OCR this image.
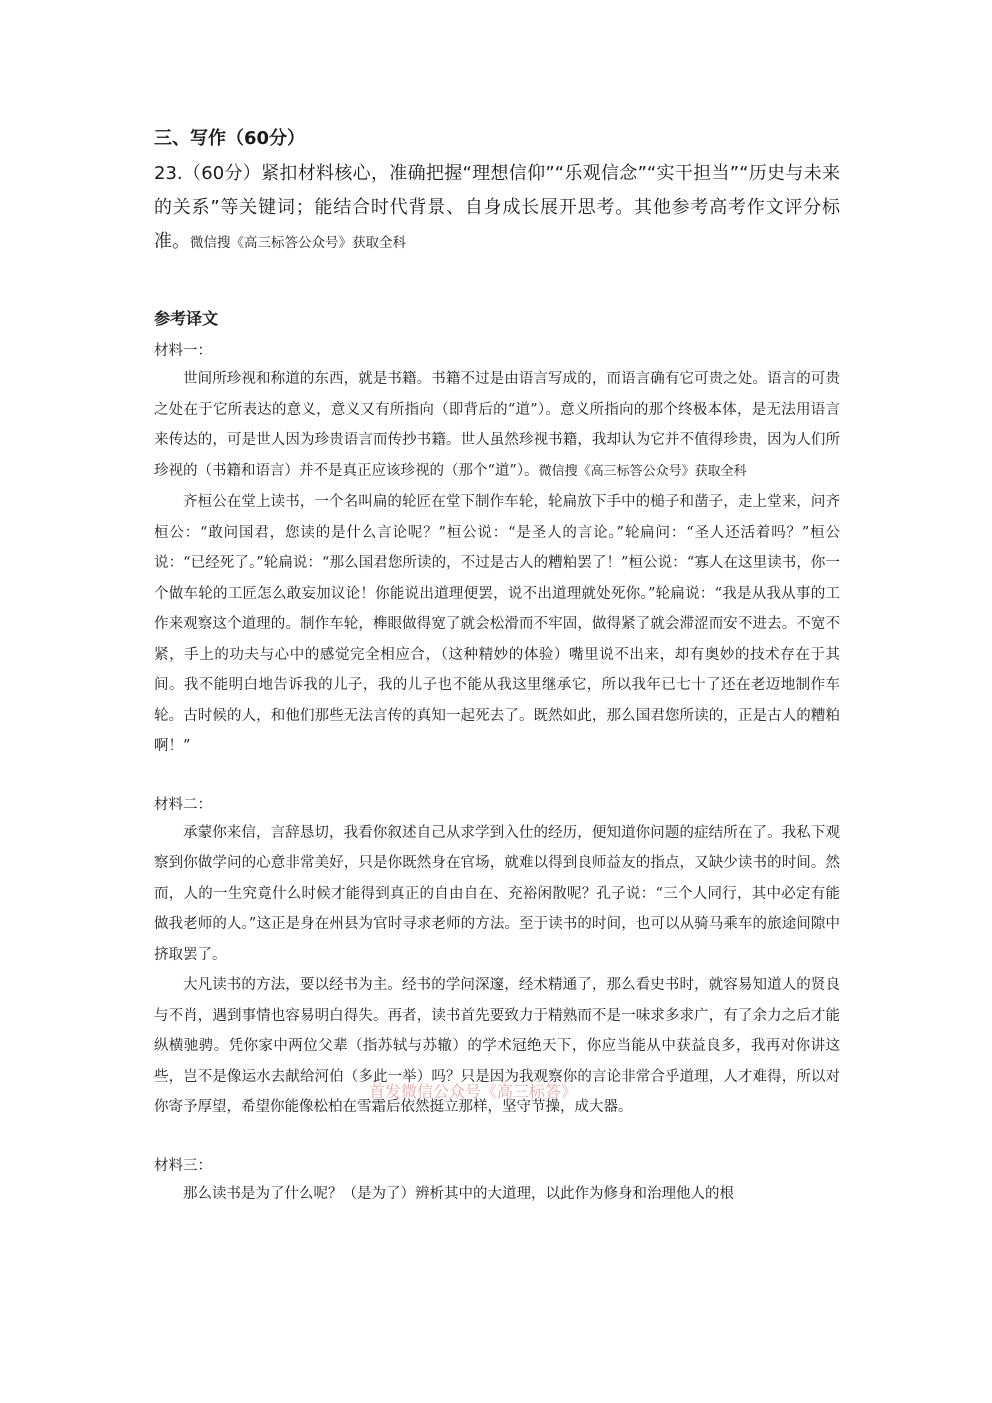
三、写作（60分）

23.（60分）紧扣材料核心，准确把握“理想信仰”“乐观信念”“实干担当”“历史与未来的关系”等关键词；能结合时代背景、自身成长展开思考。其他参考高考作文评分标准。微信搜《高三标答公众号》获取全科

参考译文

材料一：

世间所珍视和称道的东西，就是书籍。书籍不过是由语言写成的，而语言确有它可贵之处。语言的可贵之处在于它所表达的意义，意义又有所指向（即背后的“道”）。意义所指向的那个终极本体，是无法用语言来传达的，可是世人因为珍贵语言而传抄书籍。世人虽然珍视书籍，我却认为它并不值得珍贵，因为人们所珍视的（书籍和语言）并不是真正应该珍视的（那个“道”）。微信搜《高三标答公众号》获取全科

齐桓公在堂上读书，一个名叫扁的轮匠在堂下制作车轮，轮扁放下手中的槌子和凿子，走上堂来，问齐桓公：“敢问国君，您读的是什么言论呢？”桓公说：“是圣人的言论。”轮扁问：“圣人还活着吗？”桓公说：“已经死了。”轮扁说：“那么国君您所读的，不过是古人的糟粕罢了！”桓公说：“寡人在这里读书，你一个做车轮的工匠怎么敢妄加议论！你能说出道理便罢，说不出道理就处死你。”轮扁说：“我是从我从事的工作来观察这个道理的。制作车轮，榫眼做得宽了就会松滑而不牢固，做得紧了就会滞涩而安不进去。不宽不紧，手上的功夫与心中的感觉完全相应合，（这种精妙的体验）嘴里说不出来，却有奥妙的技术存在于其间。我不能明白地告诉我的儿子，我的儿子也不能从我这里继承它，所以我年已七十了还在老迈地制作车轮。古时候的人，和他们那些无法言传的真知一起死去了。既然如此，那么国君您所读的，正是古人的糟粕啊！”

材料二：

承蒙你来信，言辞恳切，我看你叙述自己从求学到入仕的经历，便知道你问题的症结所在了。我私下观察到你做学问的心意非常美好，只是你既然身在官场，就难以得到良师益友的指点，又缺少读书的时间。然而，人的一生究竟什么时候才能得到真正的自由自在、充裕闲散呢？孔子说：“三个人同行，其中必定有能做我老师的人。”这正是身在州县为官时寻求老师的方法。至于读书的时间，也可以从骑马乘车的旅途间隙中挤取罢了。

大凡读书的方法，要以经书为主。经书的学问深邃，经术精通了，那么看史书时，就容易知道人的贤良与不肖，遇到事情也容易明白得失。再者，读书首先要致力于精熟而不是一味求多求广，有了余力之后才能纵横驰骋。凭你家中两位父辈（指苏轼与苏辙）的学术冠绝天下，你应当能从中获益良多，我再对你讲这些，岂不是像运水去献给河伯（多此一举）吗？只是因为我观察你的言论非常合乎道理，人才难得，所以对你寄予厚望，希望你能像松柏在雪霜后依然挺立那样，坚守节操，成大器。

材料三：

那么读书是为了什么呢？（是为了）辨析其中的大道理，以此作为修身和治理他人的根

首发微信公众号《高三标答》
